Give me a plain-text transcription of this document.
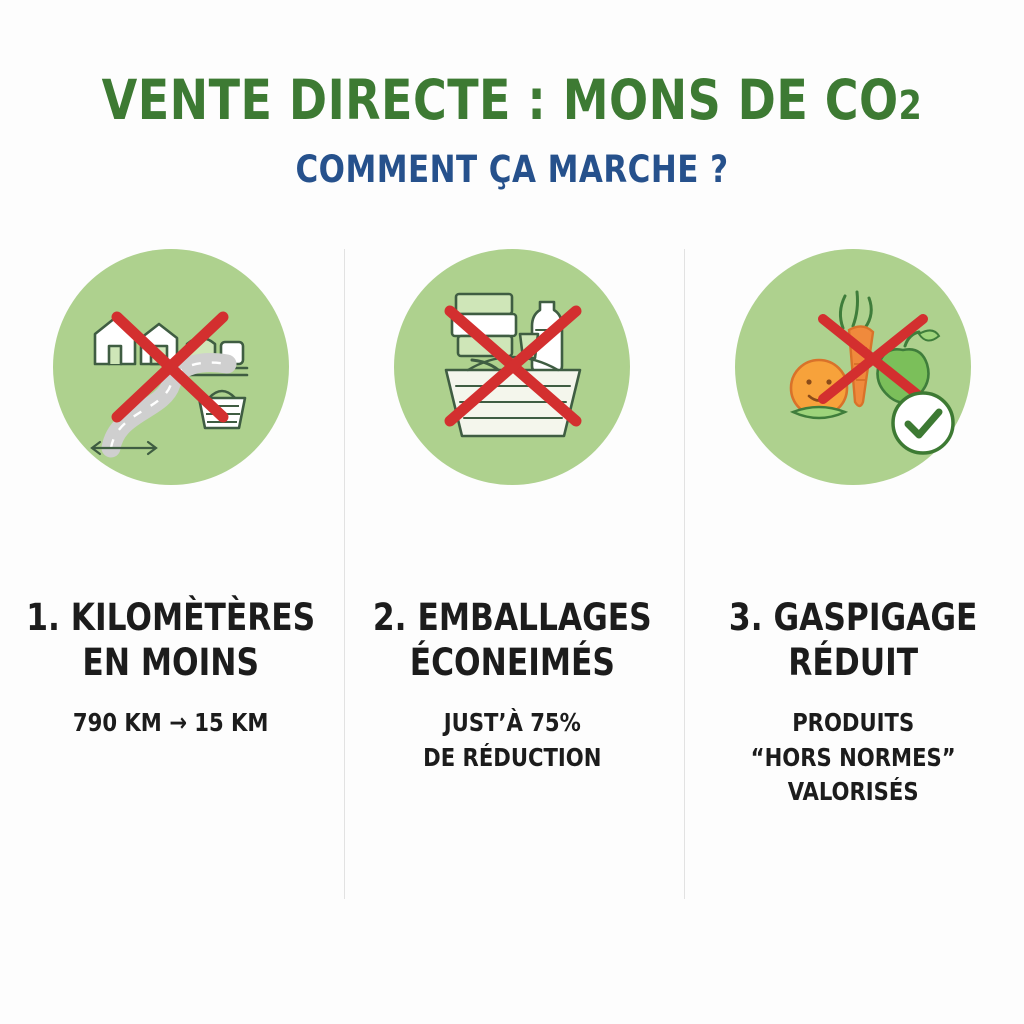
VENTE DIRECTE : MONS DE CO2
COMMENT ÇA MARCHE ?
1. KILOMÈTÈRES
EN MOINS
790 KM → 15 KM
2. EMBALLAGES
ÉCONEIMÉS
JUST’À 75%
DE RÉDUCTION
3. GASPIGAGE
RÉDUIT
PRODUITS
“HORS NORMES”
VALORISÉS
